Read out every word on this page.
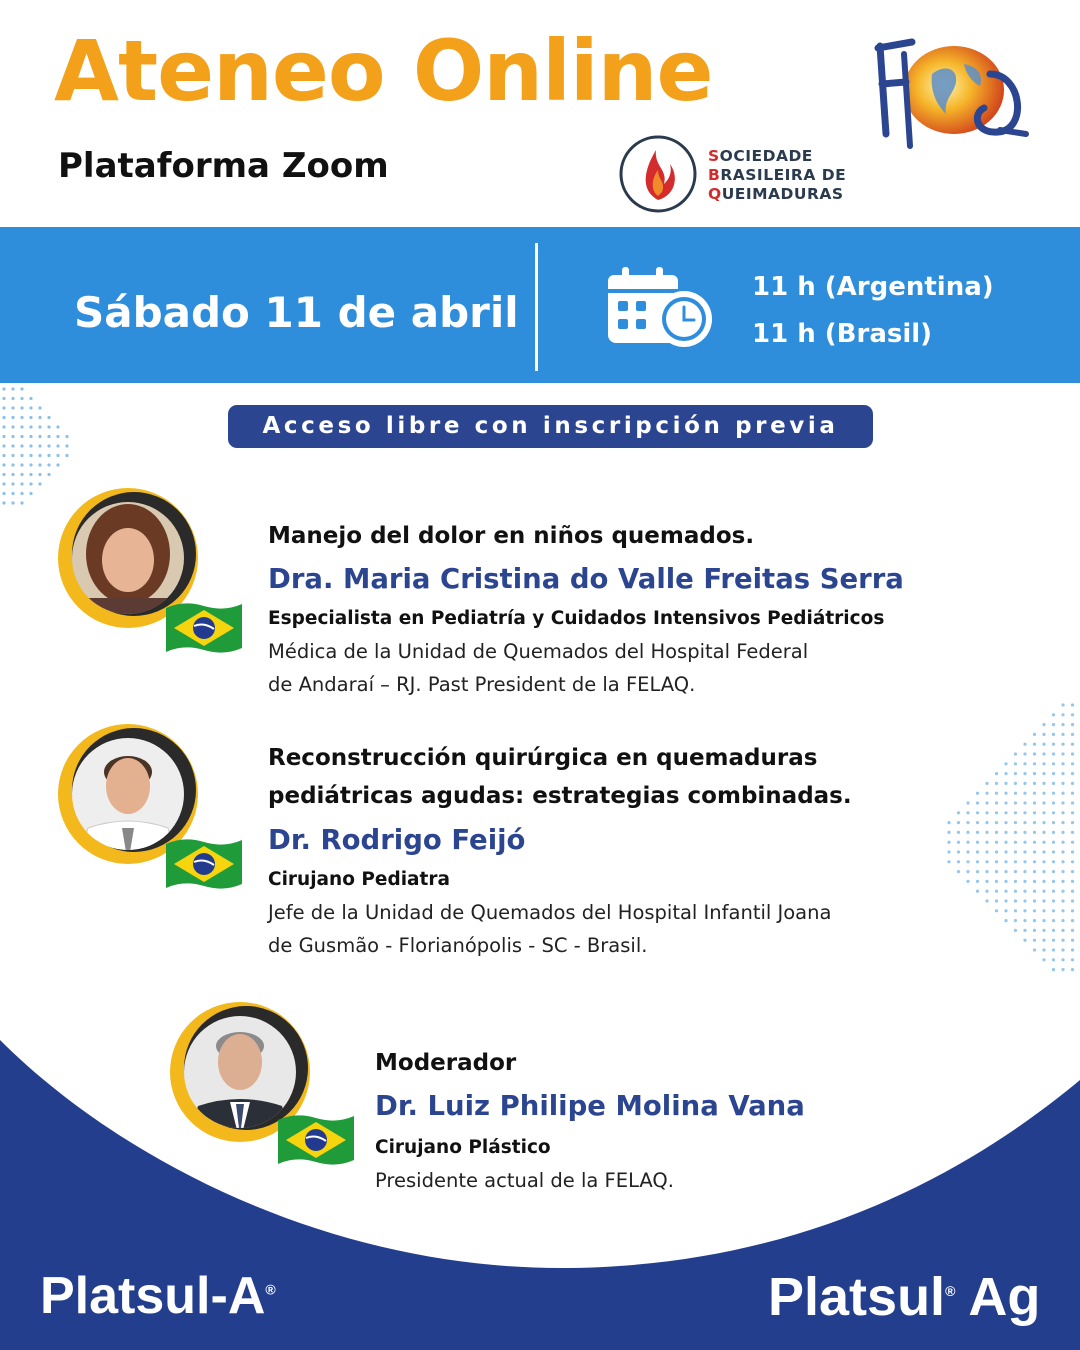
Ateneo Online
Plataforma Zoom	SOCIEDADE
BRASILEIRA DE
QUEIMADURAS
Sábado 11 de abril
11 h (Argentina)
11 h (Brasil)
Acceso libre con inscripción previa
Manejo del dolor en niños quemados.
Dra. Maria Cristina do Valle Freitas Serra
Especialista en Pediatría y Cuidados Intensivos Pediátricos
Médica de la Unidad de Quemados del Hospital Federal
de Andaraí – RJ. Past President de la FELAQ.
Reconstrucción quirúrgica en quemaduras
pediátricas agudas: estrategias combinadas.
Dr. Rodrigo Feijó
Cirujano Pediatra
Jefe de la Unidad de Quemados del Hospital Infantil Joana
de Gusmão - Florianópolis - SC - Brasil.
Moderador
Dr. Luiz Philipe Molina Vana
Cirujano Plástico
Presidente actual de la FELAQ.
Platsul-A®	Platsul® Ag
